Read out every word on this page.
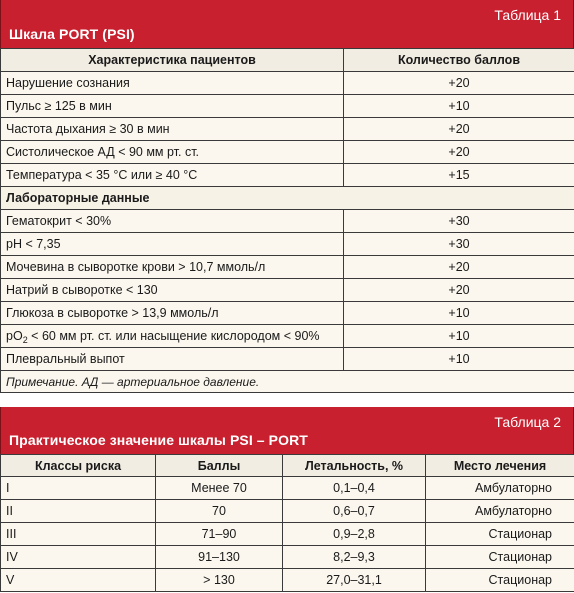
Таблица 1
Шкала PORT (PSI)
Характеристика пациентов	Количество баллов
Нарушение сознания	+20
Пульс ≥ 125 в мин	+10
Частота дыхания ≥ 30 в мин	+20
Систолическое АД < 90 мм рт. ст.	+20
Температура < 35 °С или ≥ 40 °С	+15
Лабораторные данные	
Гематокрит < 30%	+30
pH < 7,35	+30
Мочевина в сыворотке крови > 10,7 ммоль/л	+20
Натрий в сыворотке < 130	+20
Глюкоза в сыворотке > 13,9 ммоль/л	+10
$pO_2 < 60$ мм рт. ст. или насыщение кислородом < 90%	+10
Плевральный выпот	+10
Примечание. АД — артериальное давление.	
Таблица 2
Практическое значение шкалы PSI – PORT
Классы риска	Баллы	Летальность, %	Место лечения
I	Менее 70	0,1–0,4	Амбулаторно
II	70	0,6–0,7	Амбулаторно
III	71–90	0,9–2,8	Стационар
IV	91–130	8,2–9,3	Стационар
V	> 130	27,0–31,1	Стационар
